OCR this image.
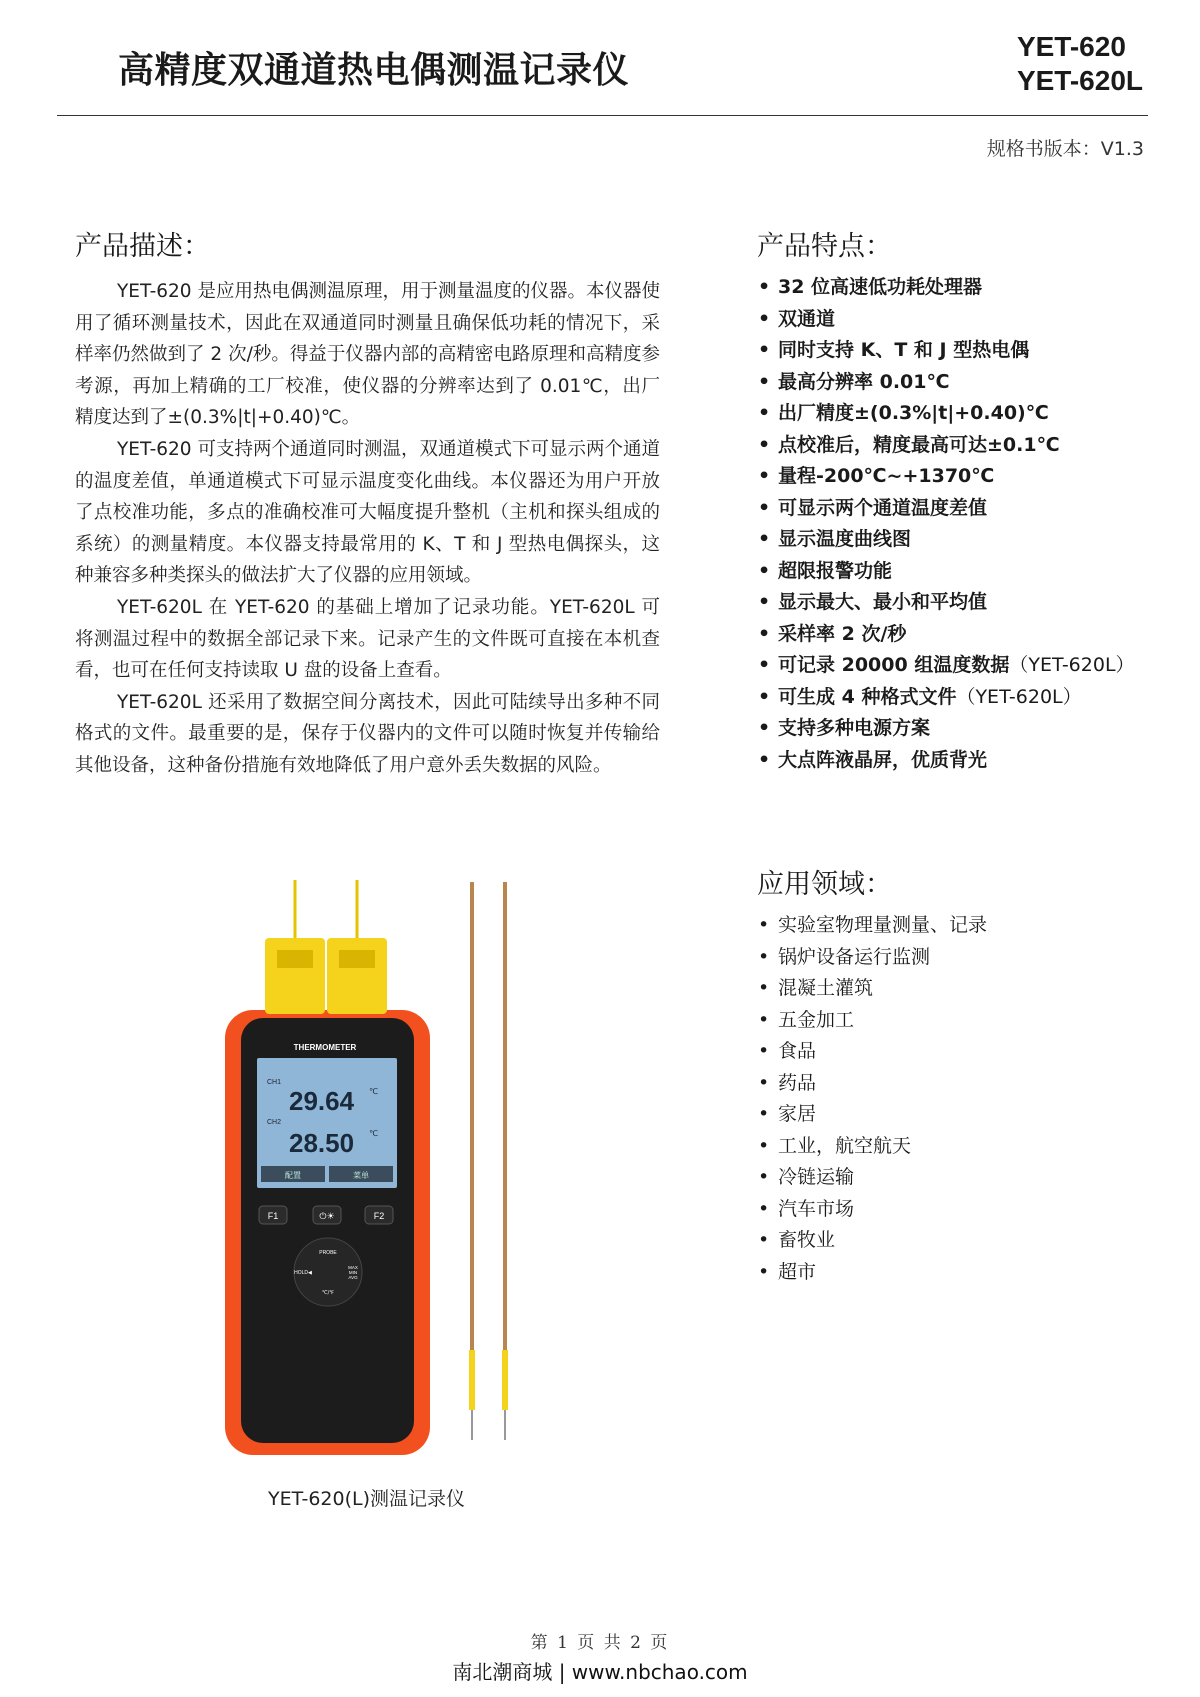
高精度双通道热电偶测温记录仪
YET-620
YET-620L
规格书版本：V1.3
产品描述：

YET-620 是应用热电偶测温原理，用于测量温度的仪器。本仪器使用了循环测量技术，因此在双通道同时测量且确保低功耗的情况下，采样率仍然做到了 2 次/秒。得益于仪器内部的高精密电路原理和高精度参考源，再加上精确的工厂校准，使仪器的分辨率达到了 0.01℃，出厂精度达到了±(0.3%|t|+0.40)℃。

YET-620 可支持两个通道同时测温，双通道模式下可显示两个通道的温度差值，单通道模式下可显示温度变化曲线。本仪器还为用户开放了点校准功能，多点的准确校准可大幅度提升整机（主机和探头组成的系统）的测量精度。本仪器支持最常用的 K、T 和 J 型热电偶探头，这种兼容多种类探头的做法扩大了仪器的应用领域。

YET-620L 在 YET-620 的基础上增加了记录功能。YET-620L 可将测温过程中的数据全部记录下来。记录产生的文件既可直接在本机查看，也可在任何支持读取 U 盘的设备上查看。

YET-620L 还采用了数据空间分离技术，因此可陆续导出多种不同格式的文件。最重要的是，保存于仪器内的文件可以随时恢复并传输给其他设备，这种备份措施有效地降低了用户意外丢失数据的风险。

产品特点：
• 32 位高速低功耗处理器
• 双通道
• 同时支持 K、T 和 J 型热电偶
• 最高分辨率 0.01℃
• 出厂精度±(0.3%|t|+0.40)℃
• 点校准后，精度最高可达±0.1℃
• 量程-200℃~+1370℃
• 可显示两个通道温度差值
• 显示温度曲线图
• 超限报警功能
• 显示最大、最小和平均值
• 采样率 2 次/秒
• 可记录 20000 组温度数据（YET-620L）
• 可生成 4 种格式文件（YET-620L）
• 支持多种电源方案
• 大点阵液晶屏，优质背光
应用领域：
• 实验室物理量测量、记录
• 锅炉设备运行监测
• 混凝土灌筑
• 五金加工
• 食品
• 药品
• 家居
• 工业，航空航天
• 冷链运输
• 汽车市场
• 畜牧业
• 超市
THERMOMETER
CH1
29.64 ℃
CH2
28.50 ℃
配置	菜单
F1	⏻☀	F2
PROBE
HOLD◀
MAX
MIN
AVG
℃/℉
YET-620(L)测温记录仪
第 1 页 共 2 页
南北潮商城 | www.nbchao.com
